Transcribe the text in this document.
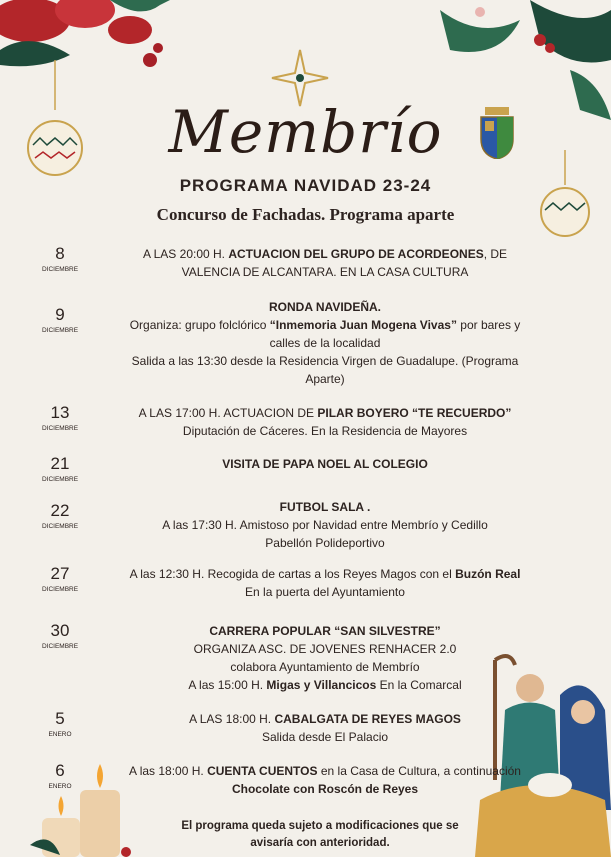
Membrío
PROGRAMA NAVIDAD 23-24
Concurso de Fachadas. Programa aparte
8
DICIEMBRE
A LAS 20:00 H. ACTUACION DEL GRUPO DE ACORDEONES, DE
VALENCIA DE ALCANTARA. EN LA CASA CULTURA
9
DICIEMBRE
RONDA NAVIDEÑA.
Organiza: grupo folclórico “Inmemoria Juan Mogena Vivas” por bares y
calles de la localidad
Salida a las 13:30 desde la Residencia Virgen de Guadalupe. (Programa
Aparte)
13
DICIEMBRE
A LAS 17:00 H. ACTUACION DE PILAR BOYERO “TE RECUERDO”
Diputación de Cáceres. En la Residencia de Mayores
21
DICIEMBRE
VISITA DE PAPA NOEL AL COLEGIO
22
DICIEMBRE
FUTBOL SALA .
A las 17:30 H. Amistoso por Navidad entre Membrío y Cedillo
Pabellón Polideportivo
27
DICIEMBRE
A las 12:30 H. Recogida de cartas a los Reyes Magos con el Buzón Real
En la puerta del Ayuntamiento
30
DICIEMBRE
CARRERA POPULAR “SAN SILVESTRE”
ORGANIZA ASC. DE JOVENES RENHACER 2.0
colabora Ayuntamiento de Membrío
A las 15:00 H. Migas y Villancicos En la Comarcal
5
ENERO
A LAS 18:00 H. CABALGATA DE REYES MAGOS
Salida desde El Palacio
6
ENERO
A las 18:00 H. CUENTA CUENTOS en la Casa de Cultura, a continuación
Chocolate con Roscón de Reyes
El programa queda sujeto a modificaciones que se
avisaría con anterioridad.
